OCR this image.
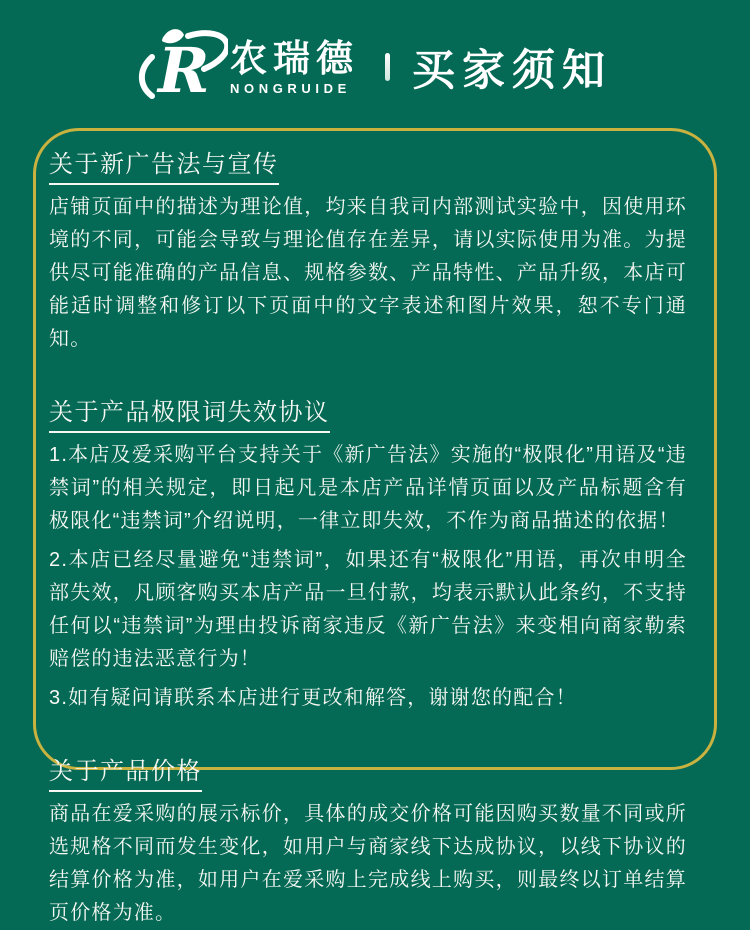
R 农瑞德
NONGRUIDE 买家须知
关于新广告法与宣传

店铺页面中的描述为理论值，均来自我司内部测试实验中，因使用环境的不同，可能会导致与理论值存在差异，请以实际使用为准。为提供尽可能准确的产品信息、规格参数、产品特性、产品升级，本店可能适时调整和修订以下页面中的文字表述和图片效果，恕不专门通知。

关于产品极限词失效协议

1.本店及爱采购平台支持关于《新广告法》实施的“极限化”用语及“违禁词”的相关规定，即日起凡是本店产品详情页面以及产品标题含有极限化“违禁词”介绍说明，一律立即失效，不作为商品描述的依据！

2.本店已经尽量避免“违禁词”，如果还有“极限化”用语，再次申明全部失效，凡顾客购买本店产品一旦付款，均表示默认此条约，不支持任何以“违禁词”为理由投诉商家违反《新广告法》来变相向商家勒索赔偿的违法恶意行为！

3.如有疑问请联系本店进行更改和解答，谢谢您的配合！

关于产品价格

商品在爱采购的展示标价，具体的成交价格可能因购买数量不同或所选规格不同而发生变化，如用户与商家线下达成协议，以线下协议的结算价格为准，如用户在爱采购上完成线上购买，则最终以订单结算页价格为准。
